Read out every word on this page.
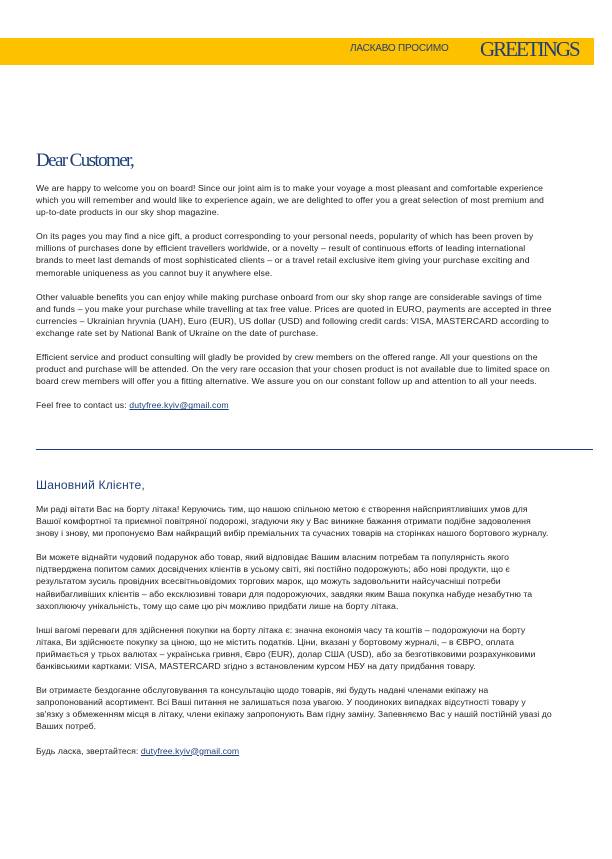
ЛАСКАВО ПРОСИМО	GREETINGS
Dear Customer,

We are happy to welcome you on board! Since our joint aim is to make your voyage a most pleasant and comfortable experience which you will remember and would like to experience again, we are delighted to offer you a great selection of most premium and up-to-date products in our sky shop magazine.

On its pages you may find a nice gift, a product corresponding to your personal needs, popularity of which has been proven by millions of purchases done by efficient travellers worldwide, or a novelty – result of continuous efforts of leading international brands to meet last demands of most sophisticated clients – or a travel retail exclusive item giving your purchase exciting and memorable uniqueness as you cannot buy it anywhere else.

Other valuable benefits you can enjoy while making purchase onboard from our sky shop range are considerable savings of time and funds – you make your purchase while travelling at tax free value. Prices are quoted in EURO, payments are accepted in three currencies – Ukrainian hryvnia (UAH), Euro (EUR), US dollar (USD) and following credit cards: VISA, MASTERCARD according to exchange rate set by National Bank of Ukraine on the date of purchase.

Efficient service and product consulting will gladly be provided by crew members on the offered range. All your questions on the product and purchase will be attended. On the very rare occasion that your chosen product is not available due to limited space on board crew members will offer you a fitting alternative. We assure you on our constant follow up and attention to all your needs.

Feel free to contact us: dutyfree.kyiv@gmail.com

Шановний Клієнте,

Ми раді вітати Вас на борту літака! Керуючись тим, що нашою спільною метою є створення найсприятливіших умов для Вашої комфортної та приємної повітряної подорожі, згадуючи яку у Вас виникне бажання отримати подібне задоволення знову і знову, ми пропонуємо Вам найкращий вибір преміальних та сучасних товарів на сторінках нашого бортового журналу.

Ви можете віднайти чудовий подарунок або товар, який відповідає Вашим власним потребам та популярність якого підтверджена попитом самих досвідчених клієнтів в усьому світі, які постійно подорожують; або нові продукти, що є результатом зусиль провідних всесвітньовідомих торгових марок, що можуть задовольнити найсучасніші потреби найвибагливіших клієнтів – або ексклюзивні товари для подорожуючих, завдяки яким Ваша покупка набуде незабутню та захоплюючу унікальність, тому що саме цю річ можливо придбати лише на борту літака.

Іншi вагомi переваги для здійснення покупки на борту літака є: значна економія часу та коштів – подорожуючи на борту літака, Ви здійснюєте покупку за ціною, що не містить податків. Ціни, вказані у бортовому журналі, – в ЄВРО, оплата приймається у трьох валютах – українська гривня, Євро (EUR), долар США (USD), або за безготівковими розрахунковими банківськими картками: VISA, MASTERCARD згідно з встановленим курсом НБУ на дату придбання товару.

Ви отримаєте бездоганне обслуговування та консультацію щодо товарів, які будуть надані членами екіпажу на запропонований асортимент. Всі Ваші питання не залишаться поза увагою. У поодиноких випадках відсутності товару у зв'язку з обмеженням місця в літаку, члени екіпажу запропонують Вам гідну заміну. Запевняємо Вас у нашій постійній увазі до Ваших потреб.

Будь ласка, звертайтеся: dutyfree.kyiv@gmail.com
